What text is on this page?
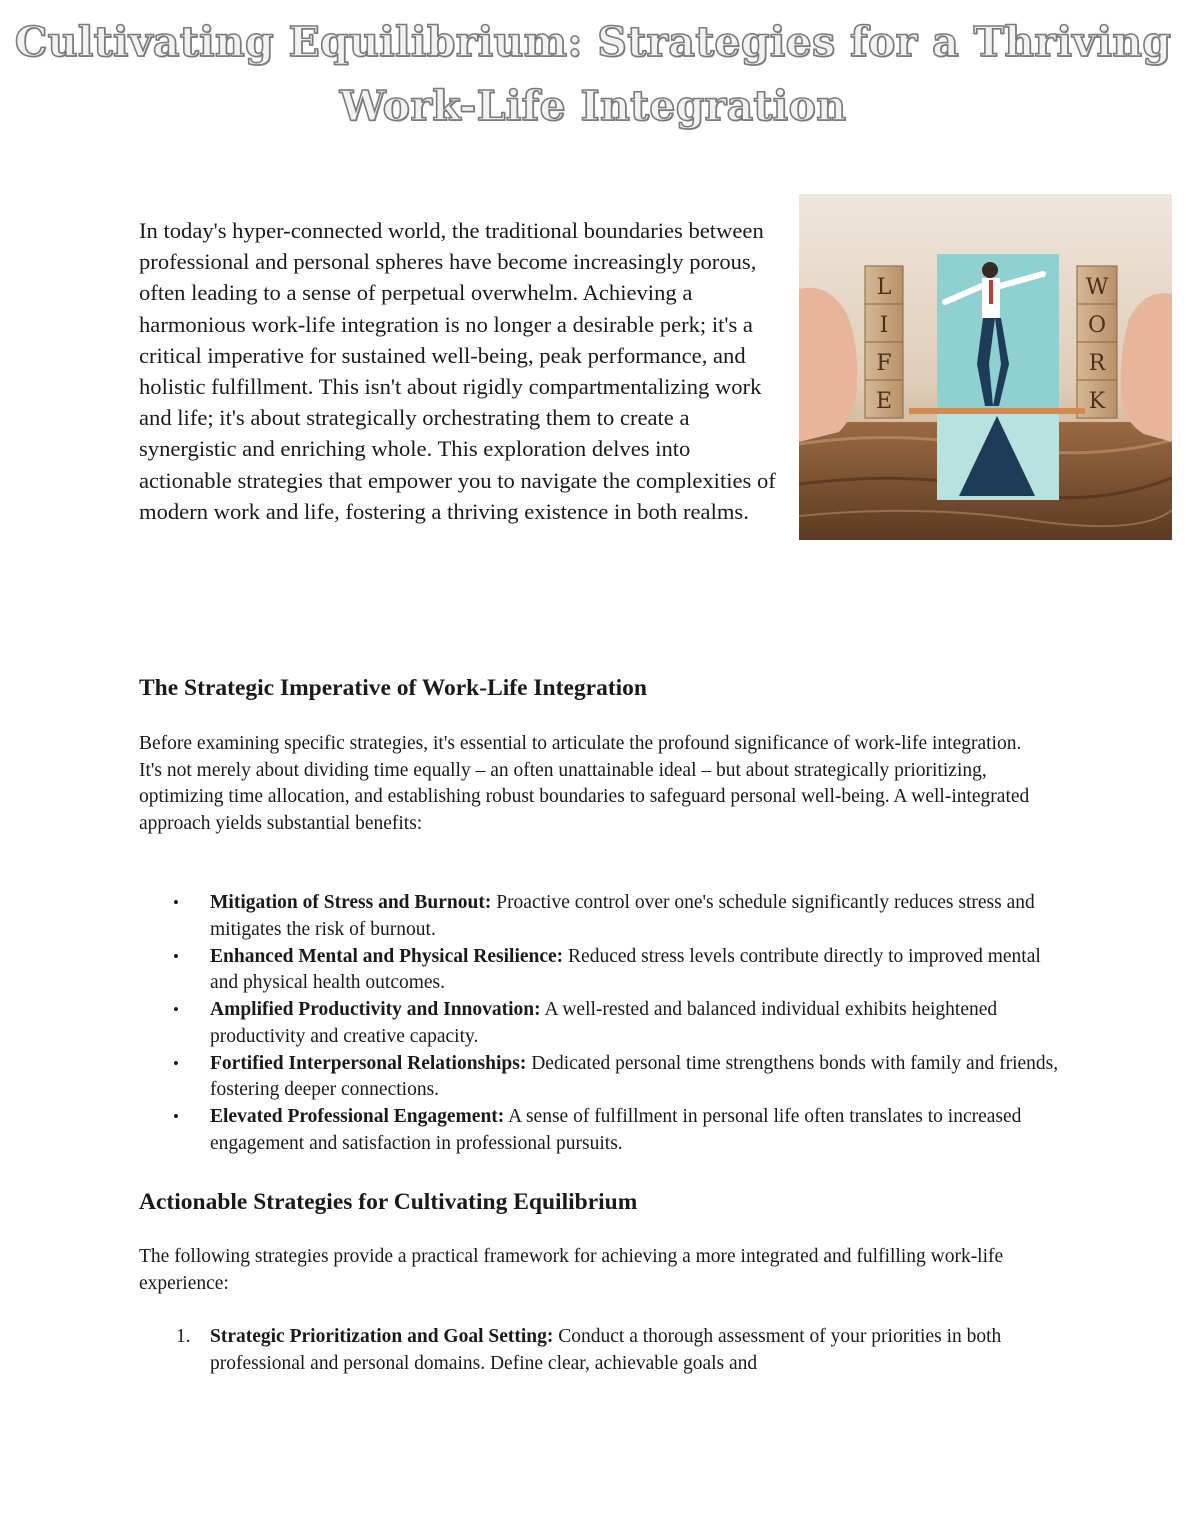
Cultivating Equilibrium: Strategies for a Thriving
Work-Life Integration

In today's hyper-connected world, the traditional boundaries between professional and personal spheres have become increasingly porous, often leading to a sense of perpetual overwhelm. Achieving a harmonious work-life integration is no longer a desirable perk; it's a critical imperative for sustained well-being, peak performance, and holistic fulfillment. This isn't about rigidly compartmentalizing work and life; it's about strategically orchestrating them to create a synergistic and enriching whole. This exploration delves into actionable strategies that empower you to navigate the complexities of modern work and life, fostering a thriving existence in both realms.

L
I
F
E
W
O
R
K
The Strategic Imperative of Work-Life Integration

Before examining specific strategies, it's essential to articulate the profound significance of work-life integration. It's not merely about dividing time equally – an often unattainable ideal – but about strategically prioritizing, optimizing time allocation, and establishing robust boundaries to safeguard personal well-being. A well-integrated approach yields substantial benefits:

• Mitigation of Stress and Burnout: Proactive control over one's schedule significantly reduces stress and mitigates the risk of burnout.
• Enhanced Mental and Physical Resilience: Reduced stress levels contribute directly to improved mental and physical health outcomes.
• Amplified Productivity and Innovation: A well-rested and balanced individual exhibits heightened productivity and creative capacity.
• Fortified Interpersonal Relationships: Dedicated personal time strengthens bonds with family and friends, fostering deeper connections.
• Elevated Professional Engagement: A sense of fulfillment in personal life often translates to increased engagement and satisfaction in professional pursuits.
Actionable Strategies for Cultivating Equilibrium

The following strategies provide a practical framework for achieving a more integrated and fulfilling work-life experience:

1. Strategic Prioritization and Goal Setting: Conduct a thorough assessment of your priorities in both professional and personal domains. Define clear, achievable goals and
